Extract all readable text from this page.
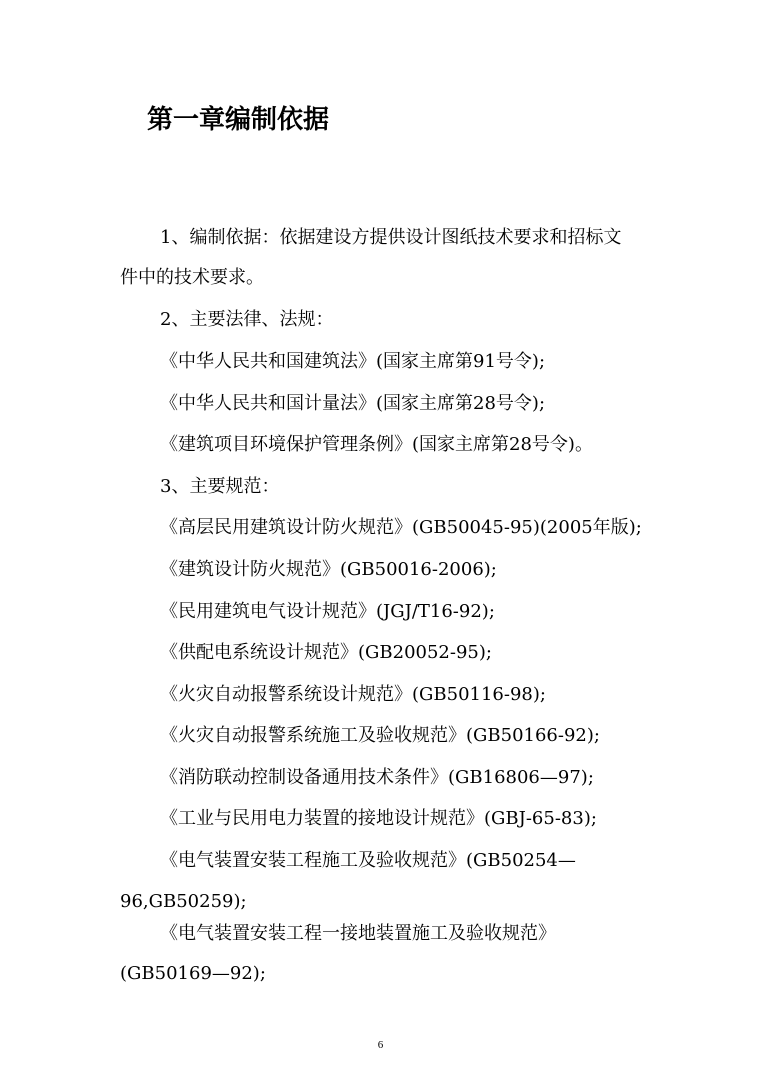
第一章编制依据
1、编制依据：依据建设方提供设计图纸技术要求和招标文
件中的技术要求。
2、主要法律、法规：
《中华人民共和国建筑法》(国家主席第91号令);
《中华人民共和国计量法》(国家主席第28号令);
《建筑项目环境保护管理条例》(国家主席第28号令)。
3、主要规范：
《高层民用建筑设计防火规范》(GB50045-95)(2005年版);
《建筑设计防火规范》(GB50016-2006);
《民用建筑电气设计规范》(JGJ/T16-92);
《供配电系统设计规范》(GB20052-95);
《火灾自动报警系统设计规范》(GB50116-98);
《火灾自动报警系统施工及验收规范》(GB50166-92);
《消防联动控制设备通用技术条件》(GB16806—97);
《工业与民用电力装置的接地设计规范》(GBJ-65-83);
《电气装置安装工程施工及验收规范》(GB50254—
96,GB50259);
《电气装置安装工程一接地装置施工及验收规范》
(GB50169—92);
6
